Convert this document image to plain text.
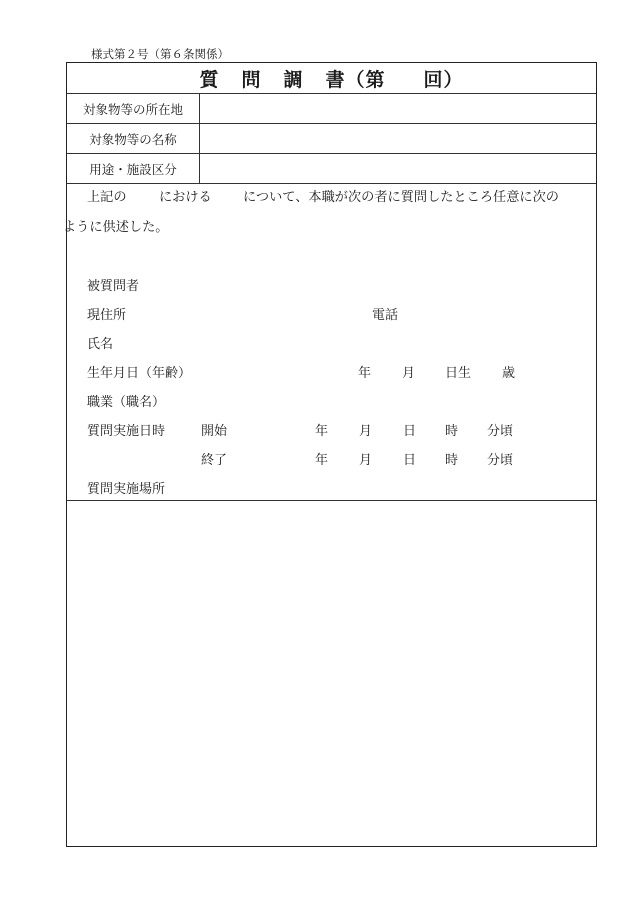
様式第２号（第６条関係）
質 問 調 書（第 回）
対象物等の所在地
対象物等の名称
用途・施設区分
上記の における について、本職が次の者に質問したところ任意に次の
ように供述した。
被質問者
現住所	電話
氏名
生年月日（年齢）	年 月 日生 歳
職業（職名）
質問実施日時	開始	年 月 日 時 分頃
終了	年 月 日 時 分頃
質問実施場所
